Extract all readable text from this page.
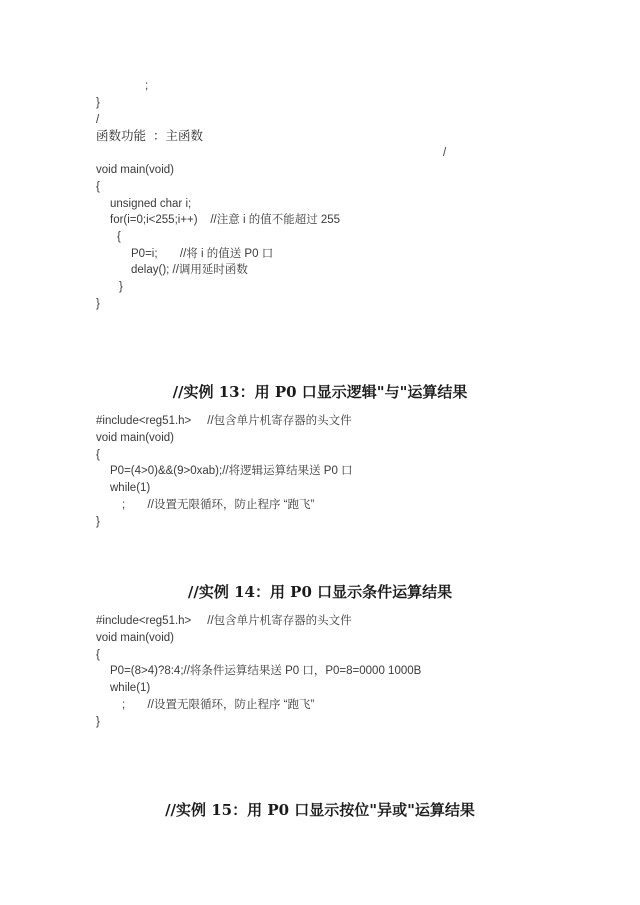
;
}
/
函数功能  ：主函数
/
void main(void)
{
unsigned char i;
for(i=0;i<255;i++)    //注意 i 的值不能超过 255
{
P0=i;       //将 i 的值送 P0 口
delay(); //调用延时函数
}
}
//实例 13：用 P0 口显示逻辑"与"运算结果
#include<reg51.h>     //包含单片机寄存器的头文件
void main(void)
{
P0=(4>0)&&(9>0xab);//将逻辑运算结果送 P0 口
while(1)
;       //设置无限循环，防止程序 “跑飞”
}
//实例 14：用 P0 口显示条件运算结果
#include<reg51.h>     //包含单片机寄存器的头文件
void main(void)
{
P0=(8>4)?8:4;//将条件运算结果送 P0 口，P0=8=0000 1000B
while(1)
;       //设置无限循环，防止程序 “跑飞”
}
//实例 15：用 P0 口显示按位"异或"运算结果
